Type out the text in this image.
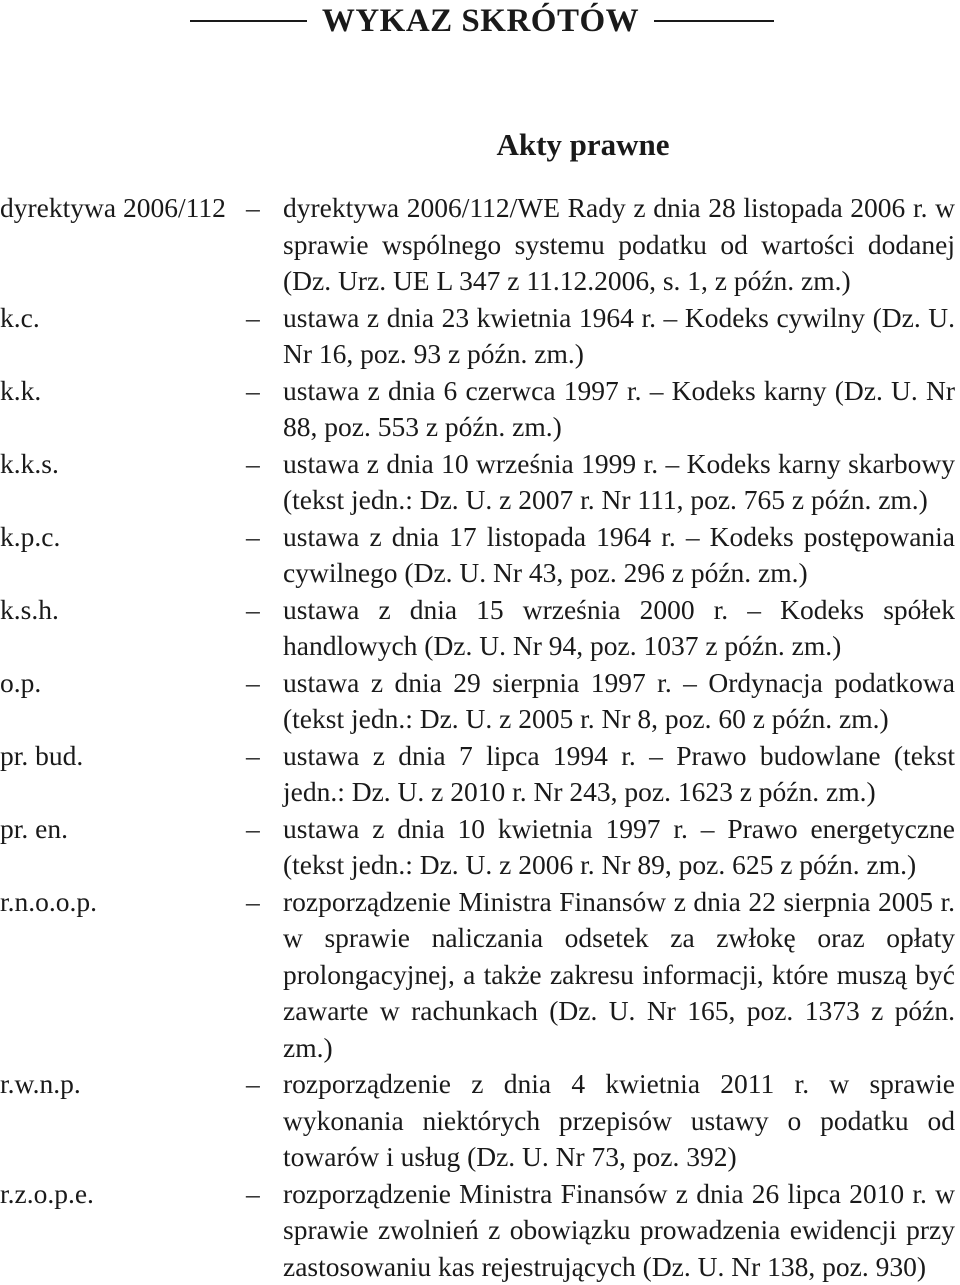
WYKAZ SKRÓTÓW
Akty prawne
dyrektywa 2006/112 – dyrektywa 2006/112/WE Rady z dnia 28 listopada 2006 r. w sprawie wspólnego systemu podatku od wartości dodanej (Dz. Urz. UE L 347 z 11.12.2006, s. 1, z późn. zm.)
k.c.	– ustawa z dnia 23 kwietnia 1964 r. – Kodeks cywilny (Dz. U. Nr 16, poz. 93 z późn. zm.)
k.k.	– ustawa z dnia 6 czerwca 1997 r. – Kodeks karny (Dz. U. Nr 88, poz. 553 z późn. zm.)
k.k.s.	– ustawa z dnia 10 września 1999 r. – Kodeks karny skarbowy (tekst jedn.: Dz. U. z 2007 r. Nr 111, poz. 765 z późn. zm.)
k.p.c.	– ustawa z dnia 17 listopada 1964 r. – Kodeks postępowania cywilnego (Dz. U. Nr 43, poz. 296 z późn. zm.)
k.s.h.	– ustawa z dnia 15 września 2000 r. – Kodeks spółek handlowych (Dz. U. Nr 94, poz. 1037 z późn. zm.)
o.p.	– ustawa z dnia 29 sierpnia 1997 r. – Ordynacja podatkowa (tekst jedn.: Dz. U. z 2005 r. Nr 8, poz. 60 z późn. zm.)
pr. bud.	– ustawa z dnia 7 lipca 1994 r. – Prawo budowlane (tekst jedn.: Dz. U. z 2010 r. Nr 243, poz. 1623 z późn. zm.)
pr. en.	– ustawa z dnia 10 kwietnia 1997 r. – Prawo energetyczne (tekst jedn.: Dz. U. z 2006 r. Nr 89, poz. 625 z późn. zm.)
r.n.o.o.p.	– rozporządzenie Ministra Finansów z dnia 22 sierpnia 2005 r. w sprawie naliczania odsetek za zwłokę oraz opłaty prolongacyjnej, a także zakresu informacji, które muszą być zawarte w rachunkach (Dz. U. Nr 165, poz. 1373 z późn. zm.)
r.w.n.p.	– rozporządzenie z dnia 4 kwietnia 2011 r. w sprawie wykonania niektórych przepisów ustawy o podatku od towarów i usług (Dz. U. Nr 73, poz. 392)
r.z.o.p.e.	– rozporządzenie Ministra Finansów z dnia 26 lipca 2010 r. w sprawie zwolnień z obowiązku prowadzenia ewidencji przy zastosowaniu kas rejestrujących (Dz. U. Nr 138, poz. 930)
